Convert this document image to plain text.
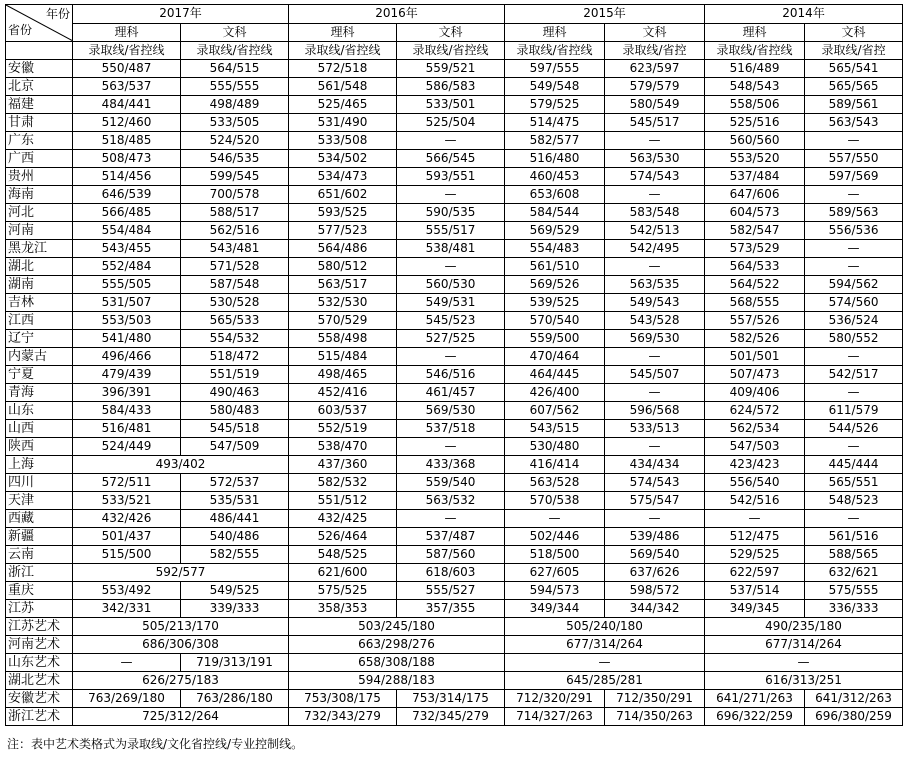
年份
省份	2017年		2016年		2015年		2014年	
	理科	文科	理科	文科	理科	文科	理科	文科
	录取线/省控线	录取线/省控线	录取线/省控线	录取线/省控线	录取线/省控线	录取线/省控	录取线/省控线	录取线/省控
安徽	550/487	564/515	572/518	559/521	597/555	623/597	516/489	565/541
北京	563/537	555/555	561/548	586/583	549/548	579/579	548/543	565/565
福建	484/441	498/489	525/465	533/501	579/525	580/549	558/506	589/561
甘肃	512/460	533/505	531/490	525/504	514/475	545/517	525/516	563/543
广东	518/485	524/520	533/508	—	582/577	—	560/560	—
广西	508/473	546/535	534/502	566/545	516/480	563/530	553/520	557/550
贵州	514/456	599/545	534/473	593/551	460/453	574/543	537/484	597/569
海南	646/539	700/578	651/602	—	653/608	—	647/606	—
河北	566/485	588/517	593/525	590/535	584/544	583/548	604/573	589/563
河南	554/484	562/516	577/523	555/517	569/529	542/513	582/547	556/536
黑龙江	543/455	543/481	564/486	538/481	554/483	542/495	573/529	—
湖北	552/484	571/528	580/512	—	561/510	—	564/533	—
湖南	555/505	587/548	563/517	560/530	569/526	563/535	564/522	594/562
吉林	531/507	530/528	532/530	549/531	539/525	549/543	568/555	574/560
江西	553/503	565/533	570/529	545/523	570/540	543/528	557/526	536/524
辽宁	541/480	554/532	558/498	527/525	559/500	569/530	582/526	580/552
内蒙古	496/466	518/472	515/484	—	470/464	—	501/501	—
宁夏	479/439	551/519	498/465	546/516	464/445	545/507	507/473	542/517
青海	396/391	490/463	452/416	461/457	426/400	—	409/406	—
山东	584/433	580/483	603/537	569/530	607/562	596/568	624/572	611/579
山西	516/481	545/518	552/519	537/518	543/515	533/513	562/534	544/526
陕西	524/449	547/509	538/470	—	530/480	—	547/503	—
上海	493/402		437/360	433/368	416/414	434/434	423/423	445/444
四川	572/511	572/537	582/532	559/540	563/528	574/543	556/540	565/551
天津	533/521	535/531	551/512	563/532	570/538	575/547	542/516	548/523
西藏	432/426	486/441	432/425	—	—	—	—	—
新疆	501/437	540/486	526/464	537/487	502/446	539/486	512/475	561/516
云南	515/500	582/555	548/525	587/560	518/500	569/540	529/525	588/565
浙江	592/577		621/600	618/603	627/605	637/626	622/597	632/621
重庆	553/492	549/525	575/525	555/527	594/573	598/572	537/514	575/555
江苏	342/331	339/333	358/353	357/355	349/344	344/342	349/345	336/333
江苏艺术	505/213/170		503/245/180		505/240/180		490/235/180	
河南艺术	686/306/308		663/298/276		677/314/264		677/314/264	
山东艺术	—	719/313/191	658/308/188		—		—	
湖北艺术	626/275/183		594/288/183		645/285/281		616/313/251	
安徽艺术	763/269/180	763/286/180	753/308/175	753/314/175	712/320/291	712/350/291	641/271/263	641/312/263
浙江艺术	725/312/264		732/343/279	732/345/279	714/327/263	714/350/263	696/322/259	696/380/259
注：表中艺术类格式为录取线/文化省控线/专业控制线。
